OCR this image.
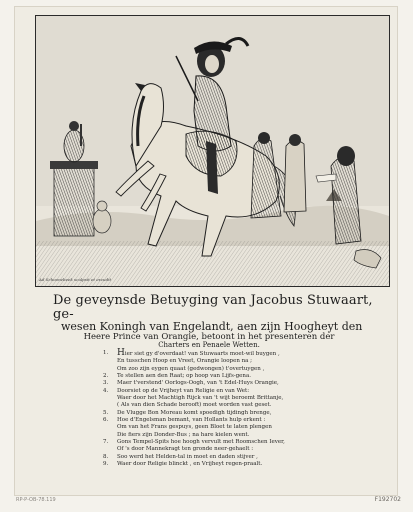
Ad Schoonebeek sculpsit et excudit
De geveynsde Betuyging van Jacobus Stuwaart, ge-
wesen Koningh van Engelandt, aen zijn Hoogheyt den
Heere Prince van Orangie, betoont in het presenteren der
Charters en Penaele Wetten.
1.	Hier siet gy d'overdaat! van Stuwaarts moet-wil buygen ,
En tusschen Hoop en Vreet, Orangie loopen na ;
Om zoo zijn eygen quaat (gedwongen) t'overtuygen ,
2.	Te stellen aen den Raat; op hoop van Lijfs-gena.
3.	Maer t'verstend' Oorlogs-Oogh, van 't Edel-Huys Orangie,
4.	Doorsiet op de Vrijheyt van Religie en van Wet:
Waer door het Machtigh Rijck van 't wijt beroemt Brittanje,
( Als van dien Schade berooft) moet worden vast geset.
5.	De Vlugge Bon Moreau komt spoedigh tijdingh brenge,
6.	Hoe d'Engelsman bemant, van Hollants hulp erkent :
Om van het Frans gespuys, geen Bloet te laten plengen
Die fiers zijn Donder-Bus ; na hare kielen went.
7.	Gons Tempel-Spits hoe hoogh vervult met Roomschen Iever,
Of 's door Mannekragt ten gronde neer-gehaelt :
8.	Soo werd het Helden-tal in moet en daden stijver ,
9.	Waer door Religie blinckt , en Vrijheyt regen-praalt.
RP-P-OB-78.119	F192702
